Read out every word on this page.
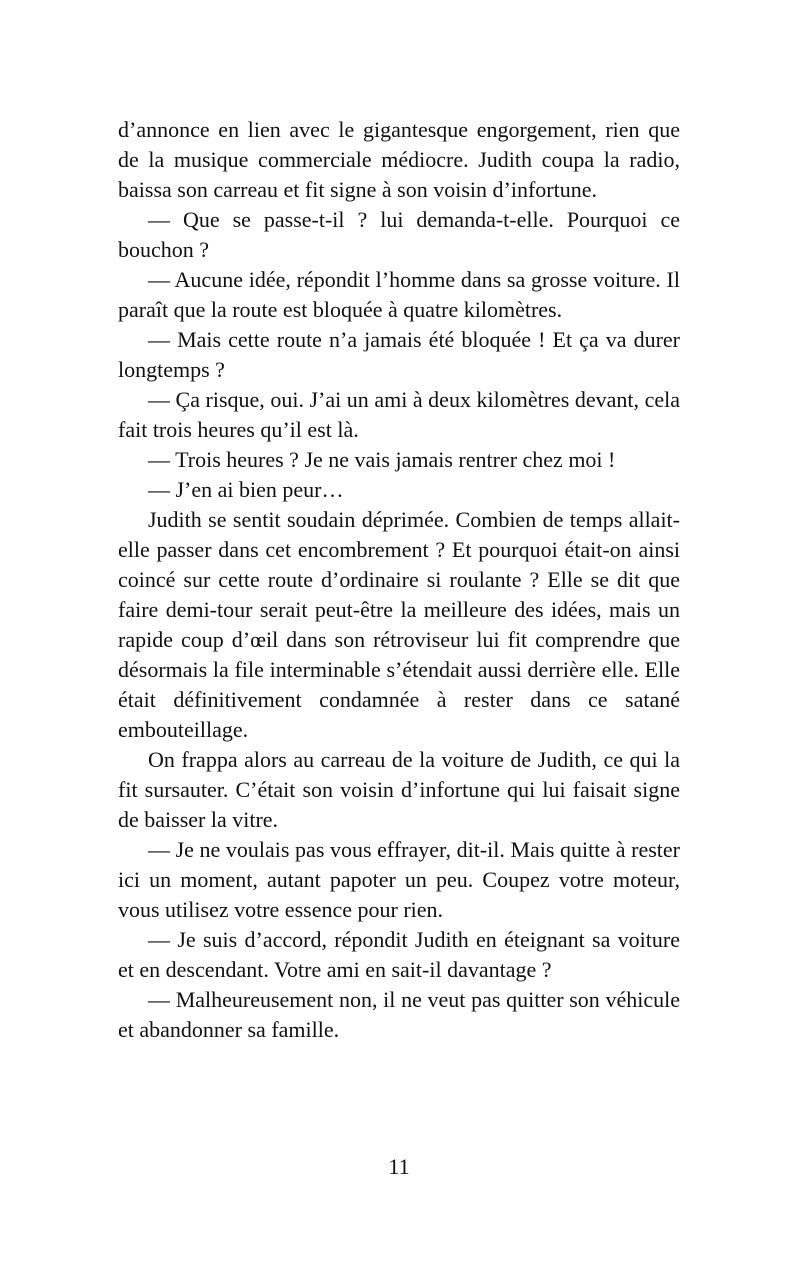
d’annonce en lien avec le gigantesque engorgement, rien que de la musique commerciale médiocre. Judith coupa la radio, baissa son carreau et fit signe à son voisin d’infortune.

— Que se passe-t-il ? lui demanda-t-elle. Pourquoi ce bouchon ?

— Aucune idée, répondit l’homme dans sa grosse voiture. Il paraît que la route est bloquée à quatre kilomètres.

— Mais cette route n’a jamais été bloquée ! Et ça va durer longtemps ?

— Ça risque, oui. J’ai un ami à deux kilomètres devant, cela fait trois heures qu’il est là.

— Trois heures ? Je ne vais jamais rentrer chez moi !

— J’en ai bien peur…

Judith se sentit soudain déprimée. Combien de temps allait-elle passer dans cet encombrement ? Et pourquoi était-on ainsi coincé sur cette route d’ordinaire si roulante ? Elle se dit que faire demi-tour serait peut-être la meilleure des idées, mais un rapide coup d’œil dans son rétroviseur lui fit comprendre que désormais la file interminable s’étendait aussi derrière elle. Elle était définitivement condamnée à rester dans ce satané embouteillage.

On frappa alors au carreau de la voiture de Judith, ce qui la fit sursauter. C’était son voisin d’infortune qui lui faisait signe de baisser la vitre.

— Je ne voulais pas vous effrayer, dit-il. Mais quitte à rester ici un moment, autant papoter un peu. Coupez votre moteur, vous utilisez votre essence pour rien.

— Je suis d’accord, répondit Judith en éteignant sa voiture et en descendant. Votre ami en sait-il davantage ?

— Malheureusement non, il ne veut pas quitter son véhicule et abandonner sa famille.

11
